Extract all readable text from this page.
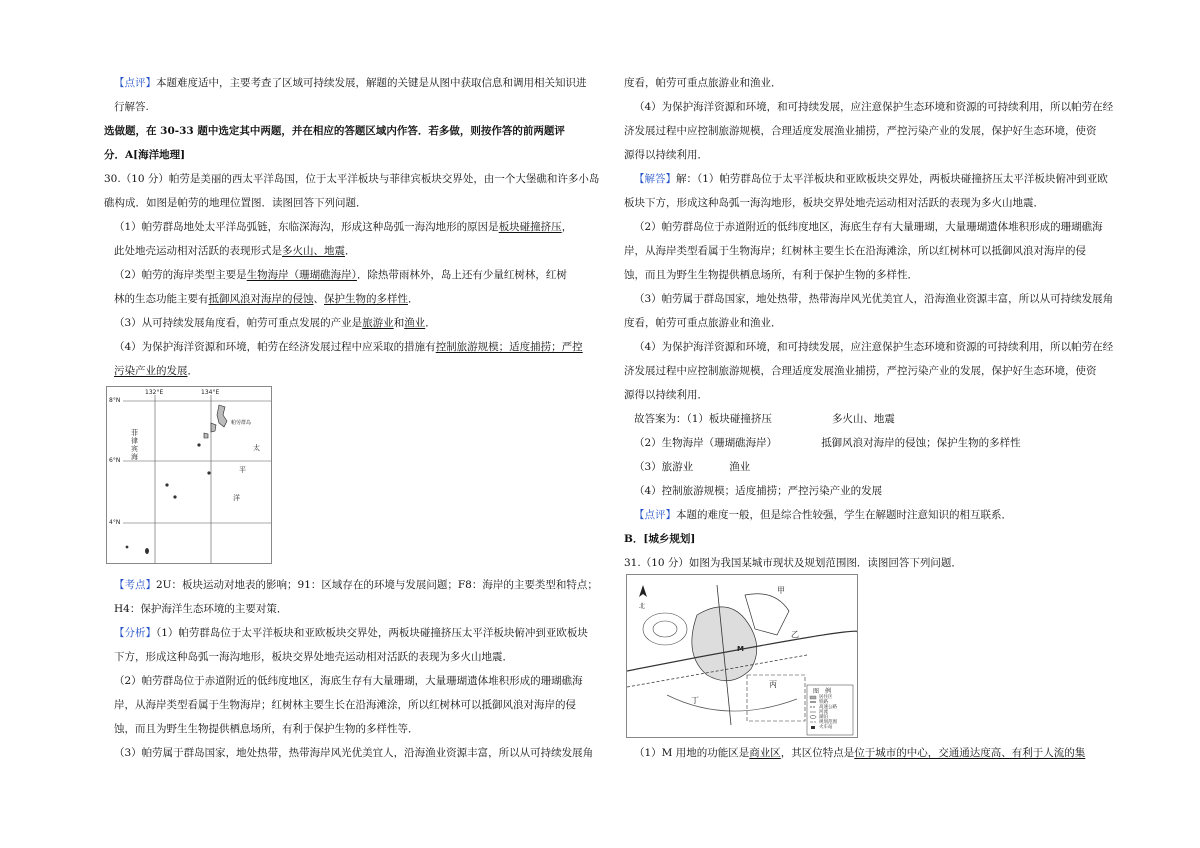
【点评】本题难度适中，主要考查了区域可持续发展，解题的关键是从图中获取信息和调用相关知识进
行解答.
选做题，在 30-33 题中选定其中两题，并在相应的答题区域内作答．若多做，则按作答的前两题评
分．A[海洋地理]
30.（10 分）帕劳是美丽的西太平洋岛国，位于太平洋板块与菲律宾板块交界处，由一个大堡礁和许多小岛
礁构成．如图是帕劳的地理位置图．读图回答下列问题．
（1）帕劳群岛地处太平洋岛弧链，东临深海沟，形成这种岛弧一海沟地形的原因是板块碰撞挤压，
此处地壳运动相对活跃的表现形式是多火山、地震．
（2）帕劳的海岸类型主要是生物海岸（珊瑚礁海岸）．除热带雨林外，岛上还有少量红树林，红树
林的生态功能主要有抵御风浪对海岸的侵蚀、保护生物的多样性．
（3）从可持续发展角度看，帕劳可重点发展的产业是旅游业和渔业．
（4）为保护海洋资源和环境，帕劳在经济发展过程中应采取的措施有控制旅游规模；适度捕捞；严控
污染产业的发展．
132°E	134°E
8°N
6°N
4°N
菲律宾海
帕劳群岛
太
平
洋
【考点】2U：板块运动对地表的影响；91：区域存在的环境与发展问题；F8：海岸的主要类型和特点；
H4：保护海洋生态环境的主要对策．
【分析】（1）帕劳群岛位于太平洋板块和亚欧板块交界处，两板块碰撞挤压太平洋板块俯冲到亚欧板块
下方，形成这种岛弧一海沟地形，板块交界处地壳运动相对活跃的表现为多火山地震．
（2）帕劳群岛位于赤道附近的低纬度地区，海底生存有大量珊瑚，大量珊瑚遗体堆积形成的珊瑚礁海
岸，从海岸类型看属于生物海岸；红树林主要生长在沿海滩涂，所以红树林可以抵御风浪对海岸的侵
蚀，而且为野生生物提供栖息场所，有利于保护生物的多样性等．
（3）帕劳属于群岛国家，地处热带，热带海岸风光优美宜人，沿海渔业资源丰富，所以从可持续发展角
度看，帕劳可重点旅游业和渔业．
（4）为保护海洋资源和环境，和可持续发展，应注意保护生态环境和资源的可持续利用，所以帕劳在经
济发展过程中应控制旅游规模，合理适度发展渔业捕捞，严控污染产业的发展，保护好生态环境，使资
源得以持续利用．
【解答】解：（1）帕劳群岛位于太平洋板块和亚欧板块交界处，两板块碰撞挤压太平洋板块俯冲到亚欧
板块下方，形成这种岛弧一海沟地形，板块交界处地壳运动相对活跃的表现为多火山地震．
（2）帕劳群岛位于赤道附近的低纬度地区，海底生存有大量珊瑚，大量珊瑚遗体堆积形成的珊瑚礁海
岸，从海岸类型看属于生物海岸；红树林主要生长在沿海滩涂，所以红树林可以抵御风浪对海岸的侵
蚀，而且为野生生物提供栖息场所，有利于保护生物的多样性．
（3）帕劳属于群岛国家，地处热带，热带海岸风光优美宜人，沿海渔业资源丰富，所以从可持续发展角
度看，帕劳可重点旅游业和渔业．
（4）为保护海洋资源和环境，和可持续发展，应注意保护生态环境和资源的可持续利用，所以帕劳在经
济发展过程中应控制旅游规模，合理适度发展渔业捕捞，严控污染产业的发展，保护好生态环境，使资
源得以持续利用．
故答案为：（1）板块碰撞挤压	多火山、地震
（2）生物海岸（珊瑚礁海岸）	抵御风浪对海岸的侵蚀；保护生物的多样性
（3）旅游业	渔业
（4）控制旅游规模；适度捕捞；严控污染产业的发展
【点评】本题的难度一般，但是综合性较强，学生在解题时注意知识的相互联系．
B．[城乡规划]
31.（10 分）如图为我国某城市现状及规划范围图．读图回答下列问题．
北
甲
乙
丙
丁
M
图　例
居住区
铁路
高速公路
河流
湖泊
规划范围
火车站
（1）M 用地的功能区是商业区，其区位特点是位于城市的中心，交通通达度高、有利于人流的集
